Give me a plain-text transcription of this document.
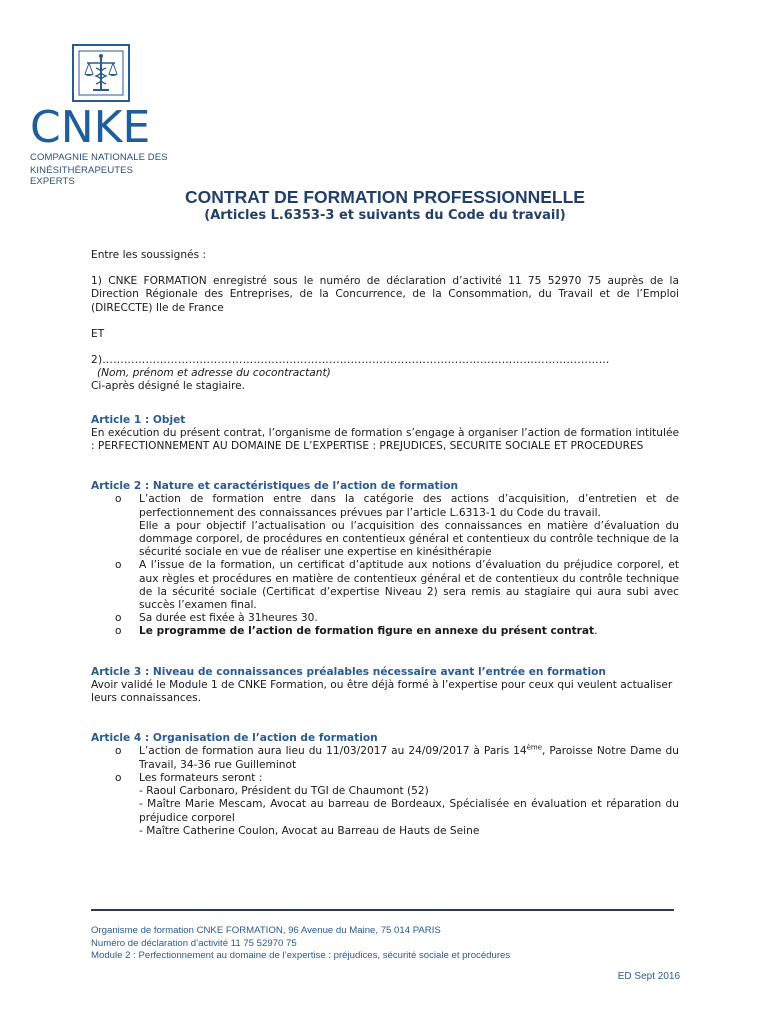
CNKE
COMPAGNIE NATIONALE DES
KINÉSITHÉRAPEUTES EXPERTS
CONTRAT DE FORMATION PROFESSIONNELLE
(Articles L.6353-3 et suivants du Code du travail)

Entre les soussignés :

1) CNKE FORMATION enregistré sous le numéro de déclaration d’activité 11 75 52970 75 auprès de la Direction Régionale des Entreprises, de la Concurrence, de la Consommation, du Travail et de l’Emploi (DIRECCTE) Ile de France

ET

2)……………………………………………………………………………………………………………………………

(Nom, prénom et adresse du cocontractant)

Ci-après désigné le stagiaire.

Article 1 : Objet

En exécution du présent contrat, l’organisme de formation s’engage à organiser l’action de formation intitulée : PERFECTIONNEMENT AU DOMAINE DE L’EXPERTISE : PREJUDICES, SECURITE SOCIALE ET PROCEDURES

Article 2 : Nature et caractéristiques de l’action de formation

o	L’action de formation entre dans la catégorie des actions d’acquisition, d’entretien et de perfectionnement des connaissances prévues par l’article L.6313-1 du Code du travail.
Elle a pour objectif l’actualisation ou l’acquisition des connaissances en matière d’évaluation du dommage corporel, de procédures en contentieux général et contentieux du contrôle technique de la sécurité sociale en vue de réaliser une expertise en kinésithérapie
o	A l’issue de la formation, un certificat d’aptitude aux notions d’évaluation du préjudice corporel, et aux règles et procédures en matière de contentieux général et de contentieux du contrôle technique de la sécurité sociale (Certificat d’expertise Niveau 2) sera remis au stagiaire qui aura subi avec succès l’examen final.
o	Sa durée est fixée à 31heures 30.
o	Le programme de l’action de formation figure en annexe du présent contrat.

Article 3 : Niveau de connaissances préalables nécessaire avant l’entrée en formation

Avoir validé le Module 1 de CNKE Formation, ou être déjà formé à l’expertise pour ceux qui veulent actualiser leurs connaissances.

Article 4 : Organisation de l’action de formation

o	L’action de formation aura lieu du 11/03/2017 au 24/09/2017 à Paris 14ème, Paroisse Notre Dame du Travail, 34-36 rue Guilleminot
o	Les formateurs seront :
- Raoul Carbonaro, Président du TGI de Chaumont (52)
- Maître Marie Mescam, Avocat au barreau de Bordeaux, Spécialisée en évaluation et réparation du préjudice corporel
- Maître Catherine Coulon, Avocat au Barreau de Hauts de Seine
Organisme de formation CNKE FORMATION, 96 Avenue du Maine, 75 014 PARIS
Numéro de déclaration d’activité 11 75 52970 75
Module 2 : Perfectionnement au domaine de l’expertise : préjudices, sécurité sociale et procédures
ED Sept 2016
